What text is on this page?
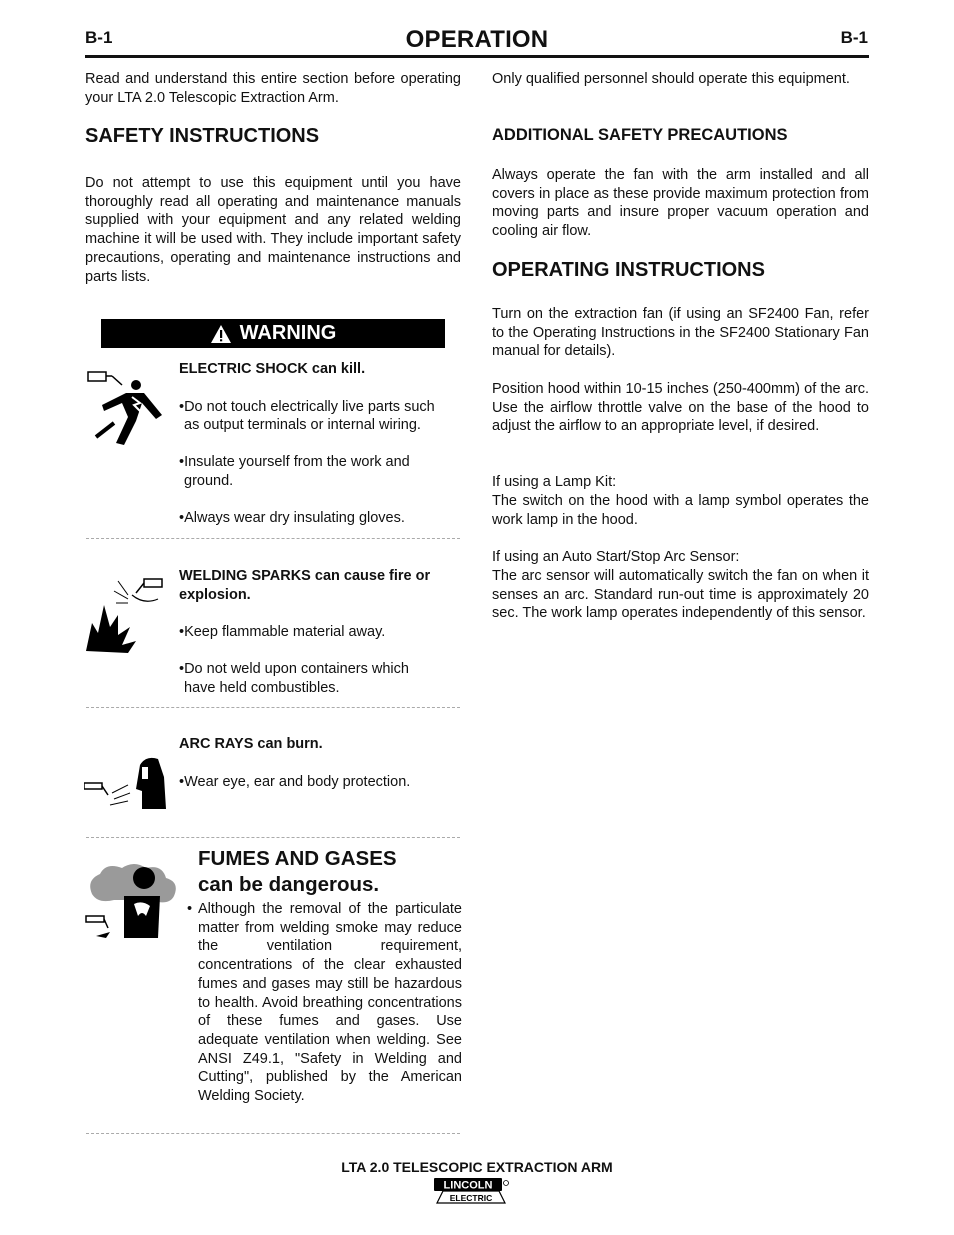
B-1	OPERATION	B-1

Read and understand this entire section before operating your LTA 2.0 Telescopic Extraction Arm.

SAFETY INSTRUCTIONS

Do not attempt to use this equipment until you have thoroughly read all operating and maintenance manuals supplied with your equipment and any related welding machine it will be used with. They include important safety precautions, operating and maintenance instructions and parts lists.

WARNING

ELECTRIC SHOCK can kill.

•Do not touch electrically live parts such

as output terminals or internal wiring.

•Insulate yourself from the work and

ground.

•Always wear dry insulating gloves.

WELDING SPARKS can cause fire or explosion.

•Keep flammable material away.

•Do not weld upon containers which

have held combustibles.

ARC RAYS can burn.

•Wear eye, ear and body protection.

FUMES AND GASES
can be dangerous.
• Although the removal of the particulate matter from welding smoke may reduce the ventilation requirement, concentrations of the clear exhausted fumes and gases may still be hazardous to health. Avoid breathing concentrations of these fumes and gases. Use adequate ventilation when welding. See ANSI Z49.1, "Safety in Welding and Cutting", published by the American Welding Society.

Only qualified personnel should operate this equipment.

ADDITIONAL SAFETY PRECAUTIONS

Always operate the fan with the arm installed and all covers in place as these provide maximum protection from moving parts and insure proper vacuum operation and cooling air flow.

OPERATING INSTRUCTIONS

Turn on the extraction fan (if using an SF2400 Fan, refer to the Operating Instructions in the SF2400 Stationary Fan manual for details).

Position hood within 10-15 inches (250-400mm) of the arc. Use the airflow throttle valve on the base of the hood to adjust the airflow to an appropriate level, if desired.

If using a Lamp Kit:

The switch on the hood with a lamp symbol operates the work lamp in the hood.

If using an Auto Start/Stop Arc Sensor:

The arc sensor will automatically switch the fan on when it senses an arc. Standard run-out time is approximately 20 sec. The work lamp operates independently of this sensor.

LTA 2.0 TELESCOPIC EXTRACTION ARM
LINCOLN
ELECTRIC
